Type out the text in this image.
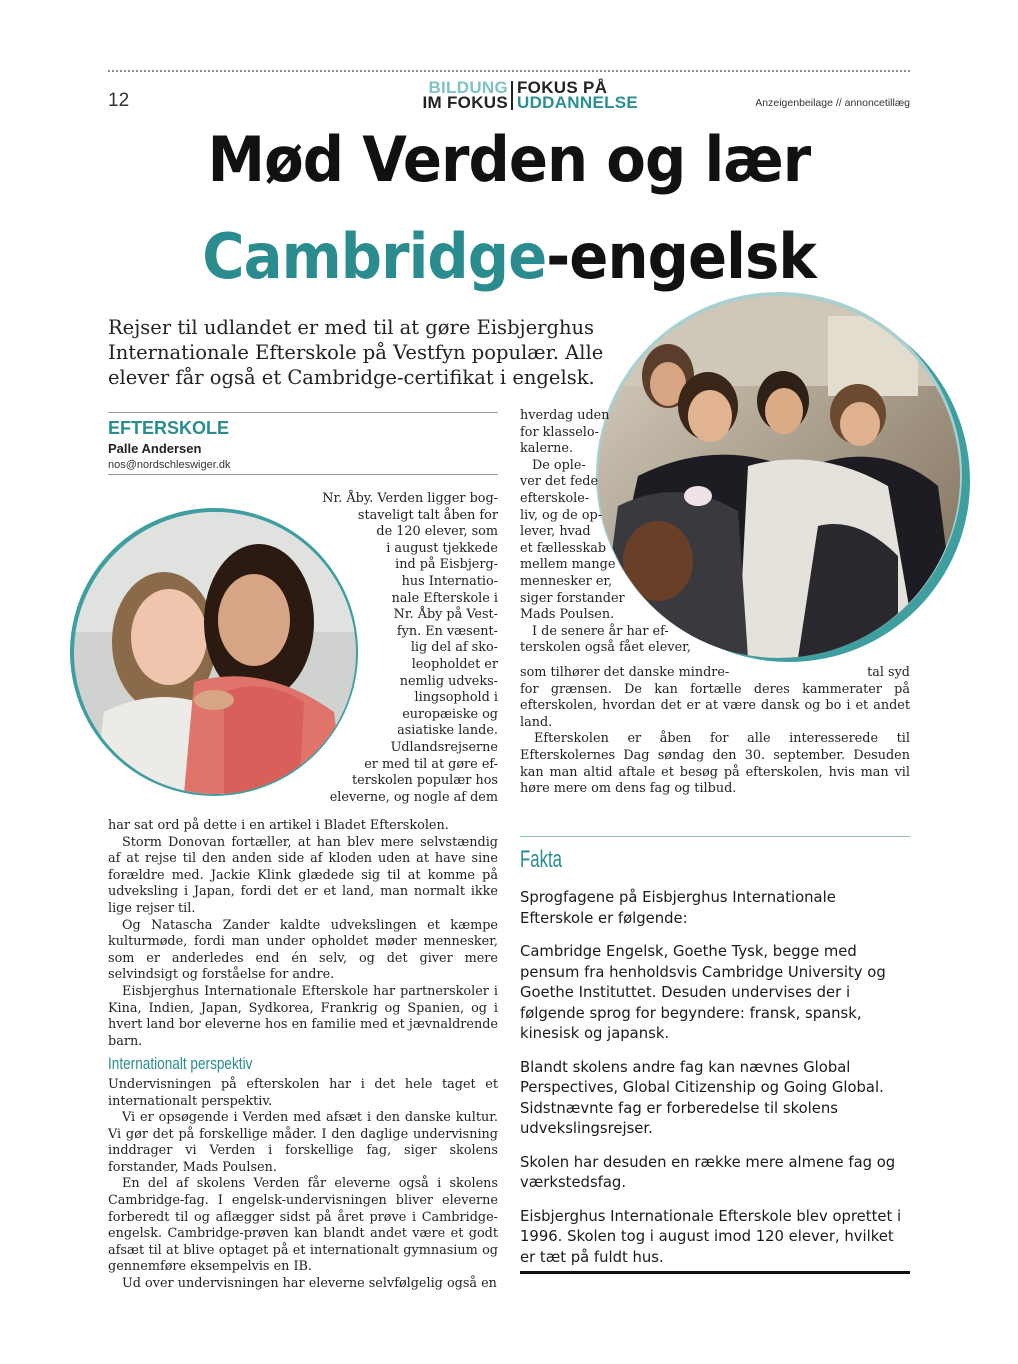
12
BILDUNG
IM FOKUS
FOKUS PÅ
UDDANNELSE	Anzeigenbeilage // annoncetillæg
Mød Verden og lær
Cambridge-engelsk
Rejser til udlandet er med til at gøre Eisbjerghus Internationale Efterskole på Vestfyn populær. Alle elever får også et Cambridge-certifikat i engelsk.
EFTERSKOLE
Palle Andersen
nos@nordschleswiger.dk
Nr. Åby. Verden ligger bog-
staveligt talt åben for
de 120 elever, som
i august tjekkede
ind på Eisbjerg-
hus Internatio-
nale Efterskole i
Nr. Åby på Vest-
fyn. En væsent-
lig del af sko-
leopholdet er
nemlig udveks-
lingsophold i
europæiske og
asiatiske lande.
Udlandsrejserne
er med til at gøre ef-
terskolen populær hos
eleverne, og nogle af dem

har sat ord på dette i en artikel i Bladet Efterskolen.

Storm Donovan fortæller, at han blev mere selvstændig af at rejse til den anden side af kloden uden at have sine forældre med. Jackie Klink glædede sig til at komme på udveksling i Japan, fordi det er et land, man normalt ikke lige rejser til.

Og Natascha Zander kaldte udvekslingen et kæmpe kulturmøde, fordi man under opholdet møder mennesker, som er anderledes end én selv, og det giver mere selvindsigt og forståelse for andre.

Eisbjerghus Internationale Efterskole har partnerskoler i Kina, Indien, Japan, Sydkorea, Frankrig og Spanien, og i hvert land bor eleverne hos en familie med et jævnaldrende barn.

Internationalt perspektiv

Undervisningen på efterskolen har i det hele taget et internationalt perspektiv.

Vi er opsøgende i Verden med afsæt i den danske kultur. Vi gør det på forskellige måder. I den daglige undervisning inddrager vi Verden i forskellige fag, siger skolens forstander, Mads Poulsen.

En del af skolens Verden får eleverne også i skolens Cambridge-fag. I engelsk-undervisningen bliver eleverne forberedt til og aflægger sidst på året prøve i Cambridge-engelsk. Cambridge-prøven kan blandt andet være et godt afsæt til at blive optaget på et internationalt gymnasium og gennemføre eksempelvis en IB.

Ud over undervisningen har eleverne selvfølgelig også en

hverdag uden
for klasselo-
kalerne.
De ople-
ver det fede
efterskole-
liv, og de op-
lever, hvad
et fællesskab
mellem mange
mennesker er,
siger forstander
Mads Poulsen.
I de senere år har ef-
terskolen også fået elever,
som tilhører det danske mindre-	tal syd

for grænsen. De kan fortælle deres kammerater på efterskolen, hvordan det er at være dansk og bo i et andet land.

Efterskolen er åben for alle interesserede til Efterskolernes Dag søndag den 30. september. Desuden kan man altid aftale et besøg på efterskolen, hvis man vil høre mere om dens fag og tilbud.

Fakta

Sprogfagene på Eisbjerghus Internationale Efterskole er følgende:

Cambridge Engelsk, Goethe Tysk, begge med pensum fra henholdsvis Cambridge University og Goethe Instituttet. Desuden undervises der i følgende sprog for begyndere: fransk, spansk, kinesisk og japansk.

Blandt skolens andre fag kan nævnes Global Perspectives, Global Citizenship og Going Global. Sidstnævnte fag er forberedelse til skolens udvekslingsrejser.

Skolen har desuden en række mere almene fag og værkstedsfag.

Eisbjerghus Internationale Efterskole blev oprettet i 1996. Skolen tog i august imod 120 elever, hvilket er tæt på fuldt hus.
